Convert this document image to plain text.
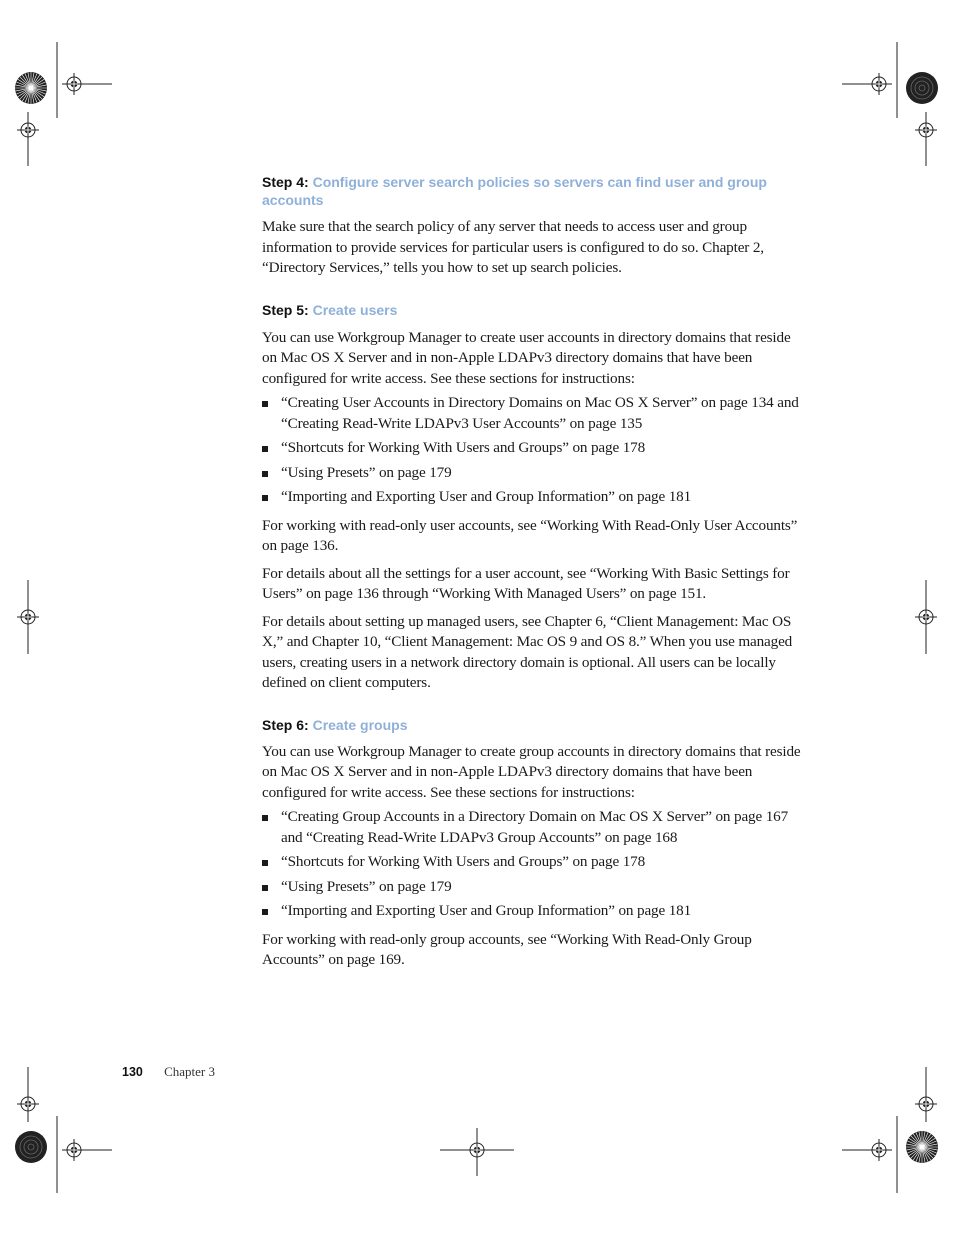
Step 4: Configure server search policies so servers can find user and group accounts

Make sure that the search policy of any server that needs to access user and group information to provide services for particular users is configured to do so. Chapter 2, “Directory Services,” tells you how to set up search policies.

Step 5: Create users

You can use Workgroup Manager to create user accounts in directory domains that reside on Mac OS X Server and in non-Apple LDAPv3 directory domains that have been configured for write access. See these sections for instructions:

“Creating User Accounts in Directory Domains on Mac OS X Server” on page 134 and “Creating Read-Write LDAPv3 User Accounts” on page 135
“Shortcuts for Working With Users and Groups” on page 178
“Using Presets” on page 179
“Importing and Exporting User and Group Information” on page 181

For working with read-only user accounts, see “Working With Read-Only User Accounts” on page 136.

For details about all the settings for a user account, see “Working With Basic Settings for Users” on page 136 through “Working With Managed Users” on page 151.

For details about setting up managed users, see Chapter 6, “Client Management: Mac OS X,” and Chapter 10, “Client Management: Mac OS 9 and OS 8.” When you use managed users, creating users in a network directory domain is optional. All users can be locally defined on client computers.

Step 6: Create groups

You can use Workgroup Manager to create group accounts in directory domains that reside on Mac OS X Server and in non-Apple LDAPv3 directory domains that have been configured for write access. See these sections for instructions:

“Creating Group Accounts in a Directory Domain on Mac OS X Server” on page 167 and “Creating Read-Write LDAPv3 Group Accounts” on page 168
“Shortcuts for Working With Users and Groups” on page 178
“Using Presets” on page 179
“Importing and Exporting User and Group Information” on page 181

For working with read-only group accounts, see “Working With Read-Only Group Accounts” on page 169.

130 Chapter 3
